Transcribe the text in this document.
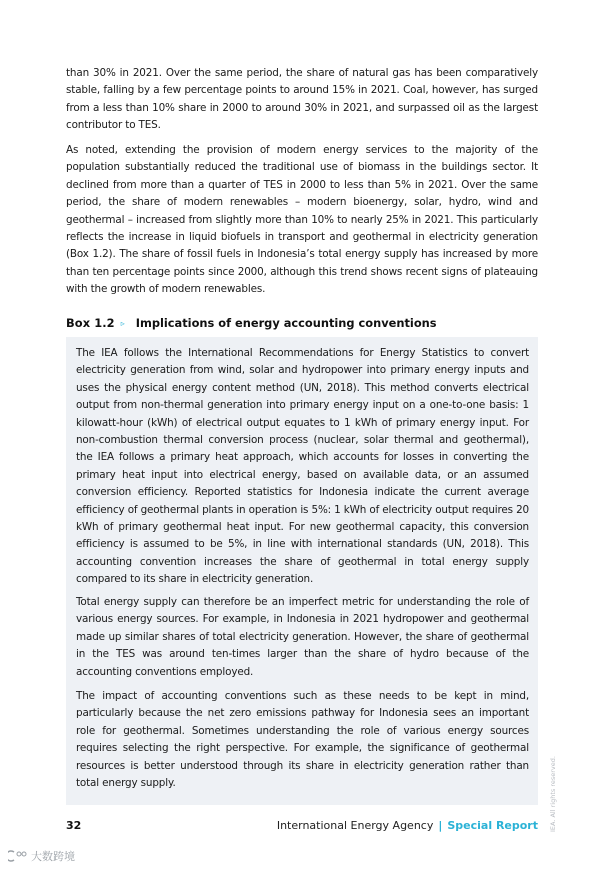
than 30% in 2021. Over the same period, the share of natural gas has been comparatively stable, falling by a few percentage points to around 15% in 2021. Coal, however, has surged from a less than 10% share in 2000 to around 30% in 2021, and surpassed oil as the largest contributor to TES.

As noted, extending the provision of modern energy services to the majority of the population substantially reduced the traditional use of biomass in the buildings sector. It declined from more than a quarter of TES in 2000 to less than 5% in 2021. Over the same period, the share of modern renewables – modern bioenergy, solar, hydro, wind and geothermal – increased from slightly more than 10% to nearly 25% in 2021. This particularly reflects the increase in liquid biofuels in transport and geothermal in electricity generation (Box 1.2). The share of fossil fuels in Indonesia’s total energy supply has increased by more than ten percentage points since 2000, although this trend shows recent signs of plateauing with the growth of modern renewables.

Box 1.2 ▹ Implications of energy accounting conventions

The IEA follows the International Recommendations for Energy Statistics to convert electricity generation from wind, solar and hydropower into primary energy inputs and uses the physical energy content method (UN, 2018). This method converts electrical output from non-thermal generation into primary energy input on a one-to-one basis: 1 kilowatt-hour (kWh) of electrical output equates to 1 kWh of primary energy input. For non-combustion thermal conversion process (nuclear, solar thermal and geothermal), the IEA follows a primary heat approach, which accounts for losses in converting the primary heat input into electrical energy, based on available data, or an assumed conversion efficiency. Reported statistics for Indonesia indicate the current average efficiency of geothermal plants in operation is 5%: 1 kWh of electricity output requires 20 kWh of primary geothermal heat input. For new geothermal capacity, this conversion efficiency is assumed to be 5%, in line with international standards (UN, 2018). This accounting convention increases the share of geothermal in total energy supply compared to its share in electricity generation.

Total energy supply can therefore be an imperfect metric for understanding the role of various energy sources. For example, in Indonesia in 2021 hydropower and geothermal made up similar shares of total electricity generation. However, the share of geothermal in the TES was around ten-times larger than the share of hydro because of the accounting conventions employed.

The impact of accounting conventions such as these needs to be kept in mind, particularly because the net zero emissions pathway for Indonesia sees an important role for geothermal. Sometimes understanding the role of various energy sources requires selecting the right perspective. For example, the significance of geothermal resources is better understood through its share in electricity generation rather than total energy supply.

32	International Energy Agency | Special Report IEA. All rights reserved.
大数跨境
